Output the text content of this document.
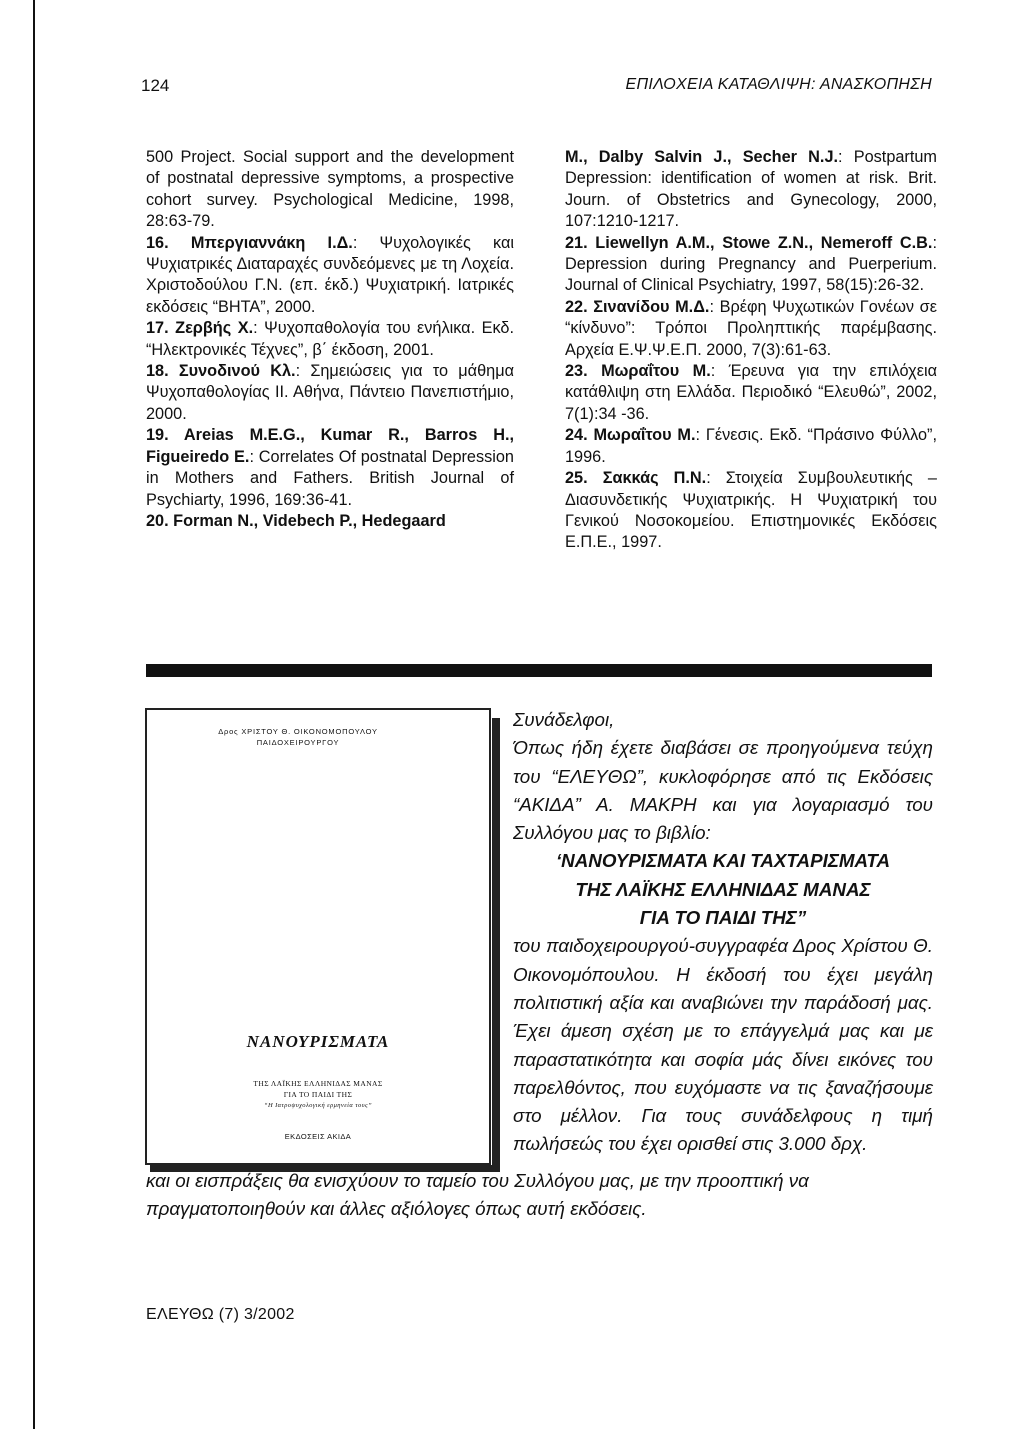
124	ΕΠΙΛΟΧΕΙΑ ΚΑΤΑΘΛΙΨΗ: ΑΝΑΣΚΟΠΗΣΗ
500 Project. Social support and the development of postnatal depressive symptoms, a prospective cohort survey. Psychological Medicine, 1998, 28:63-79.
16. Μπεργιαννάκη Ι.Δ.: Ψυχολογικές και Ψυχιατρικές Διαταραχές συνδεόμενες με τη Λοχεία. Χριστοδούλου Γ.Ν. (επ. έκδ.) Ψυχιατρική. Ιατρικές εκδόσεις “ΒΗΤΑ”, 2000.
17. Ζερβής Χ.: Ψυχοπαθολογία του ενήλικα. Εκδ. “Ηλεκτρονικές Τέχνες”, β΄ έκδοση, 2001.
18. Συνοδινού Κλ.: Σημειώσεις για το μάθημα Ψυχοπαθολογίας ΙΙ. Αθήνα, Πάντειο Πανεπιστήμιο, 2000.
19. Areias M.E.G., Kumar R., Barros H., Figueiredo E.: Correlates Of postnatal Depression in Mothers and Fathers. British Journal of Psychiarty, 1996, 169:36-41.
20. Forman N., Videbech P., Hedegaard
M., Dalby Salvin J., Secher N.J.: Postpartum Depression: identification of women at risk. Brit. Journ. of Obstetrics and Gynecology, 2000, 107:1210-1217.
21. Liewellyn A.M., Stowe Z.N., Nemeroff C.B.: Depression during Pregnancy and Puerperium. Journal of Clinical Psychiatry, 1997, 58(15):26-32.
22. Σιναvίδου Μ.Δ.: Βρέφη Ψυχωτικών Γονέων σε “κίνδυνο”: Τρόποι Προληπτικής παρέμβασης. Αρχεία Ε.Ψ.Ψ.Ε.Π. 2000, 7(3):61-63.
23. Μωραΐτου Μ.: Έρευνα για την επιλόχεια κατάθλιψη στη Ελλάδα. Περιοδικό “Ελευθώ”, 2002, 7(1):34 -36.
24. Μωραΐτου Μ.: Γένεσις. Εκδ. “Πράσινο Φύλλο”, 1996.
25. Σακκάς Π.Ν.: Στοιχεία Συμβουλευτικής –Διασυνδετικής Ψυχιατρικής. Η Ψυχιατρική του Γενικού Νοσοκομείου. Επιστημονικές Εκδόσεις Ε.Π.Ε., 1997.
Δρος ΧΡΙΣΤΟΥ Θ. ΟΙΚΟΝΟΜΟΠΟΥΛΟΥ
ΠΑΙΔΟΧΕΙΡΟΥΡΓΟΥ
ΝΑΝΟΥΡΙΣΜΑΤΑ
ΤΗΣ ΛΑΪΚΗΣ ΕΛΛΗΝΙΔΑΣ ΜΑΝΑΣ
ΓΙΑ ΤΟ ΠΑΙΔΙ ΤΗΣ
“Η Ιατροψυχολογική ερμηνεία τους”
ΕΚΔΟΣΕΙΣ ΑΚΙΔΑ

Συνάδελφοι,

Όπως ήδη έχετε διαβάσει σε προηγούμενα τεύχη του “ΕΛΕΥΘΩ”, κυκλοφόρησε από τις Εκδόσεις “ΑΚΙΔΑ” Α. ΜΑΚΡΗ και για λογαριασμό του Συλλόγου μας το βιβλίο:

‘ΝΑΝΟΥΡΙΣΜΑΤΑ ΚΑΙ ΤΑΧΤΑΡΙΣΜΑΤΑ

ΤΗΣ ΛΑΪΚΗΣ ΕΛΛΗΝΙΔΑΣ ΜΑΝΑΣ

ΓΙΑ ΤΟ ΠΑΙΔΙ ΤΗΣ”

του παιδοχειρουργού-συγγραφέα Δρος Χρίστου Θ. Οικονομόπουλου. Η έκδοσή του έχει μεγάλη πολιτιστική αξία και αναβιώνει την παράδοσή μας. Έχει άμεση σχέση με το επάγγελμά μας και με παραστατικότητα και σοφία μάς δίνει εικόνες του παρελθόντος, που ευχόμαστε να τις ξαναζήσουμε στο μέλλον. Για τους συνάδελφους η τιμή πωλήσεώς του έχει ορισθεί στις 3.000 δρχ.

και οι εισπράξεις θα ενισχύουν το ταμείο του Συλλόγου μας, με την προοπτική να πραγματοποιηθούν και άλλες αξιόλογες όπως αυτή εκδόσεις.
ΕΛΕΥΘΩ (7) 3/2002
